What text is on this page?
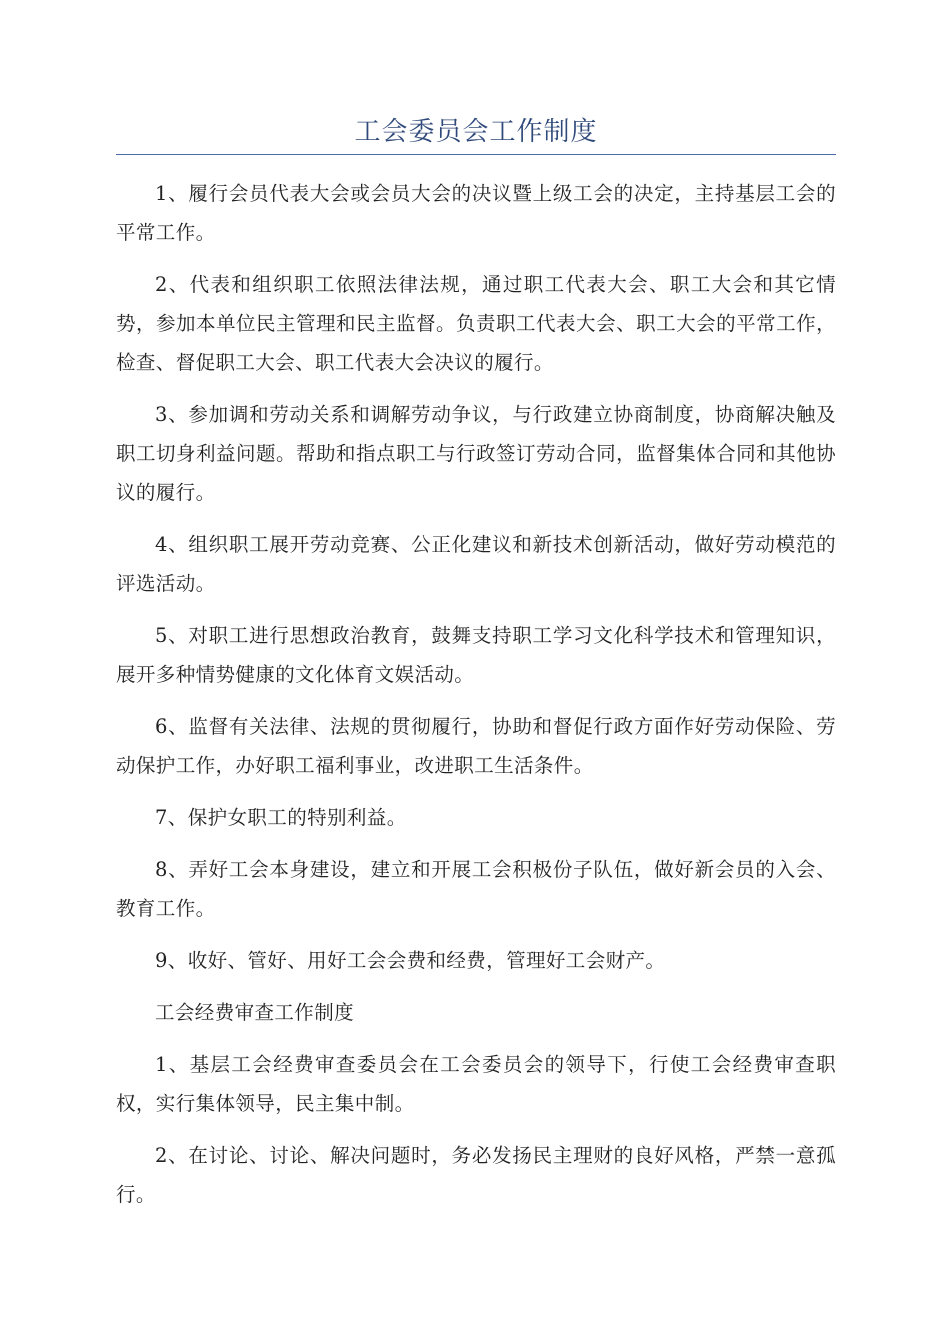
工会委员会工作制度

1、履行会员代表大会或会员大会的决议暨上级工会的决定，主持基层工会的平常工作。

2、代表和组织职工依照法律法规，通过职工代表大会、职工大会和其它情势，参加本单位民主管理和民主监督。负责职工代表大会、职工大会的平常工作，检查、督促职工大会、职工代表大会决议的履行。

3、参加调和劳动关系和调解劳动争议，与行政建立协商制度，协商解决触及职工切身利益问题。帮助和指点职工与行政签订劳动合同，监督集体合同和其他协议的履行。

4、组织职工展开劳动竞赛、公正化建议和新技术创新活动，做好劳动模范的评选活动。

5、对职工进行思想政治教育，鼓舞支持职工学习文化科学技术和管理知识，展开多种情势健康的文化体育文娱活动。

6、监督有关法律、法规的贯彻履行，协助和督促行政方面作好劳动保险、劳动保护工作，办好职工福利事业，改进职工生活条件。

7、保护女职工的特别利益。

8、弄好工会本身建设，建立和开展工会积极份子队伍，做好新会员的入会、教育工作。

9、收好、管好、用好工会会费和经费，管理好工会财产。

工会经费审查工作制度

1、基层工会经费审查委员会在工会委员会的领导下，行使工会经费审查职权，实行集体领导，民主集中制。

2、在讨论、讨论、解决问题时，务必发扬民主理财的良好风格，严禁一意孤行。
